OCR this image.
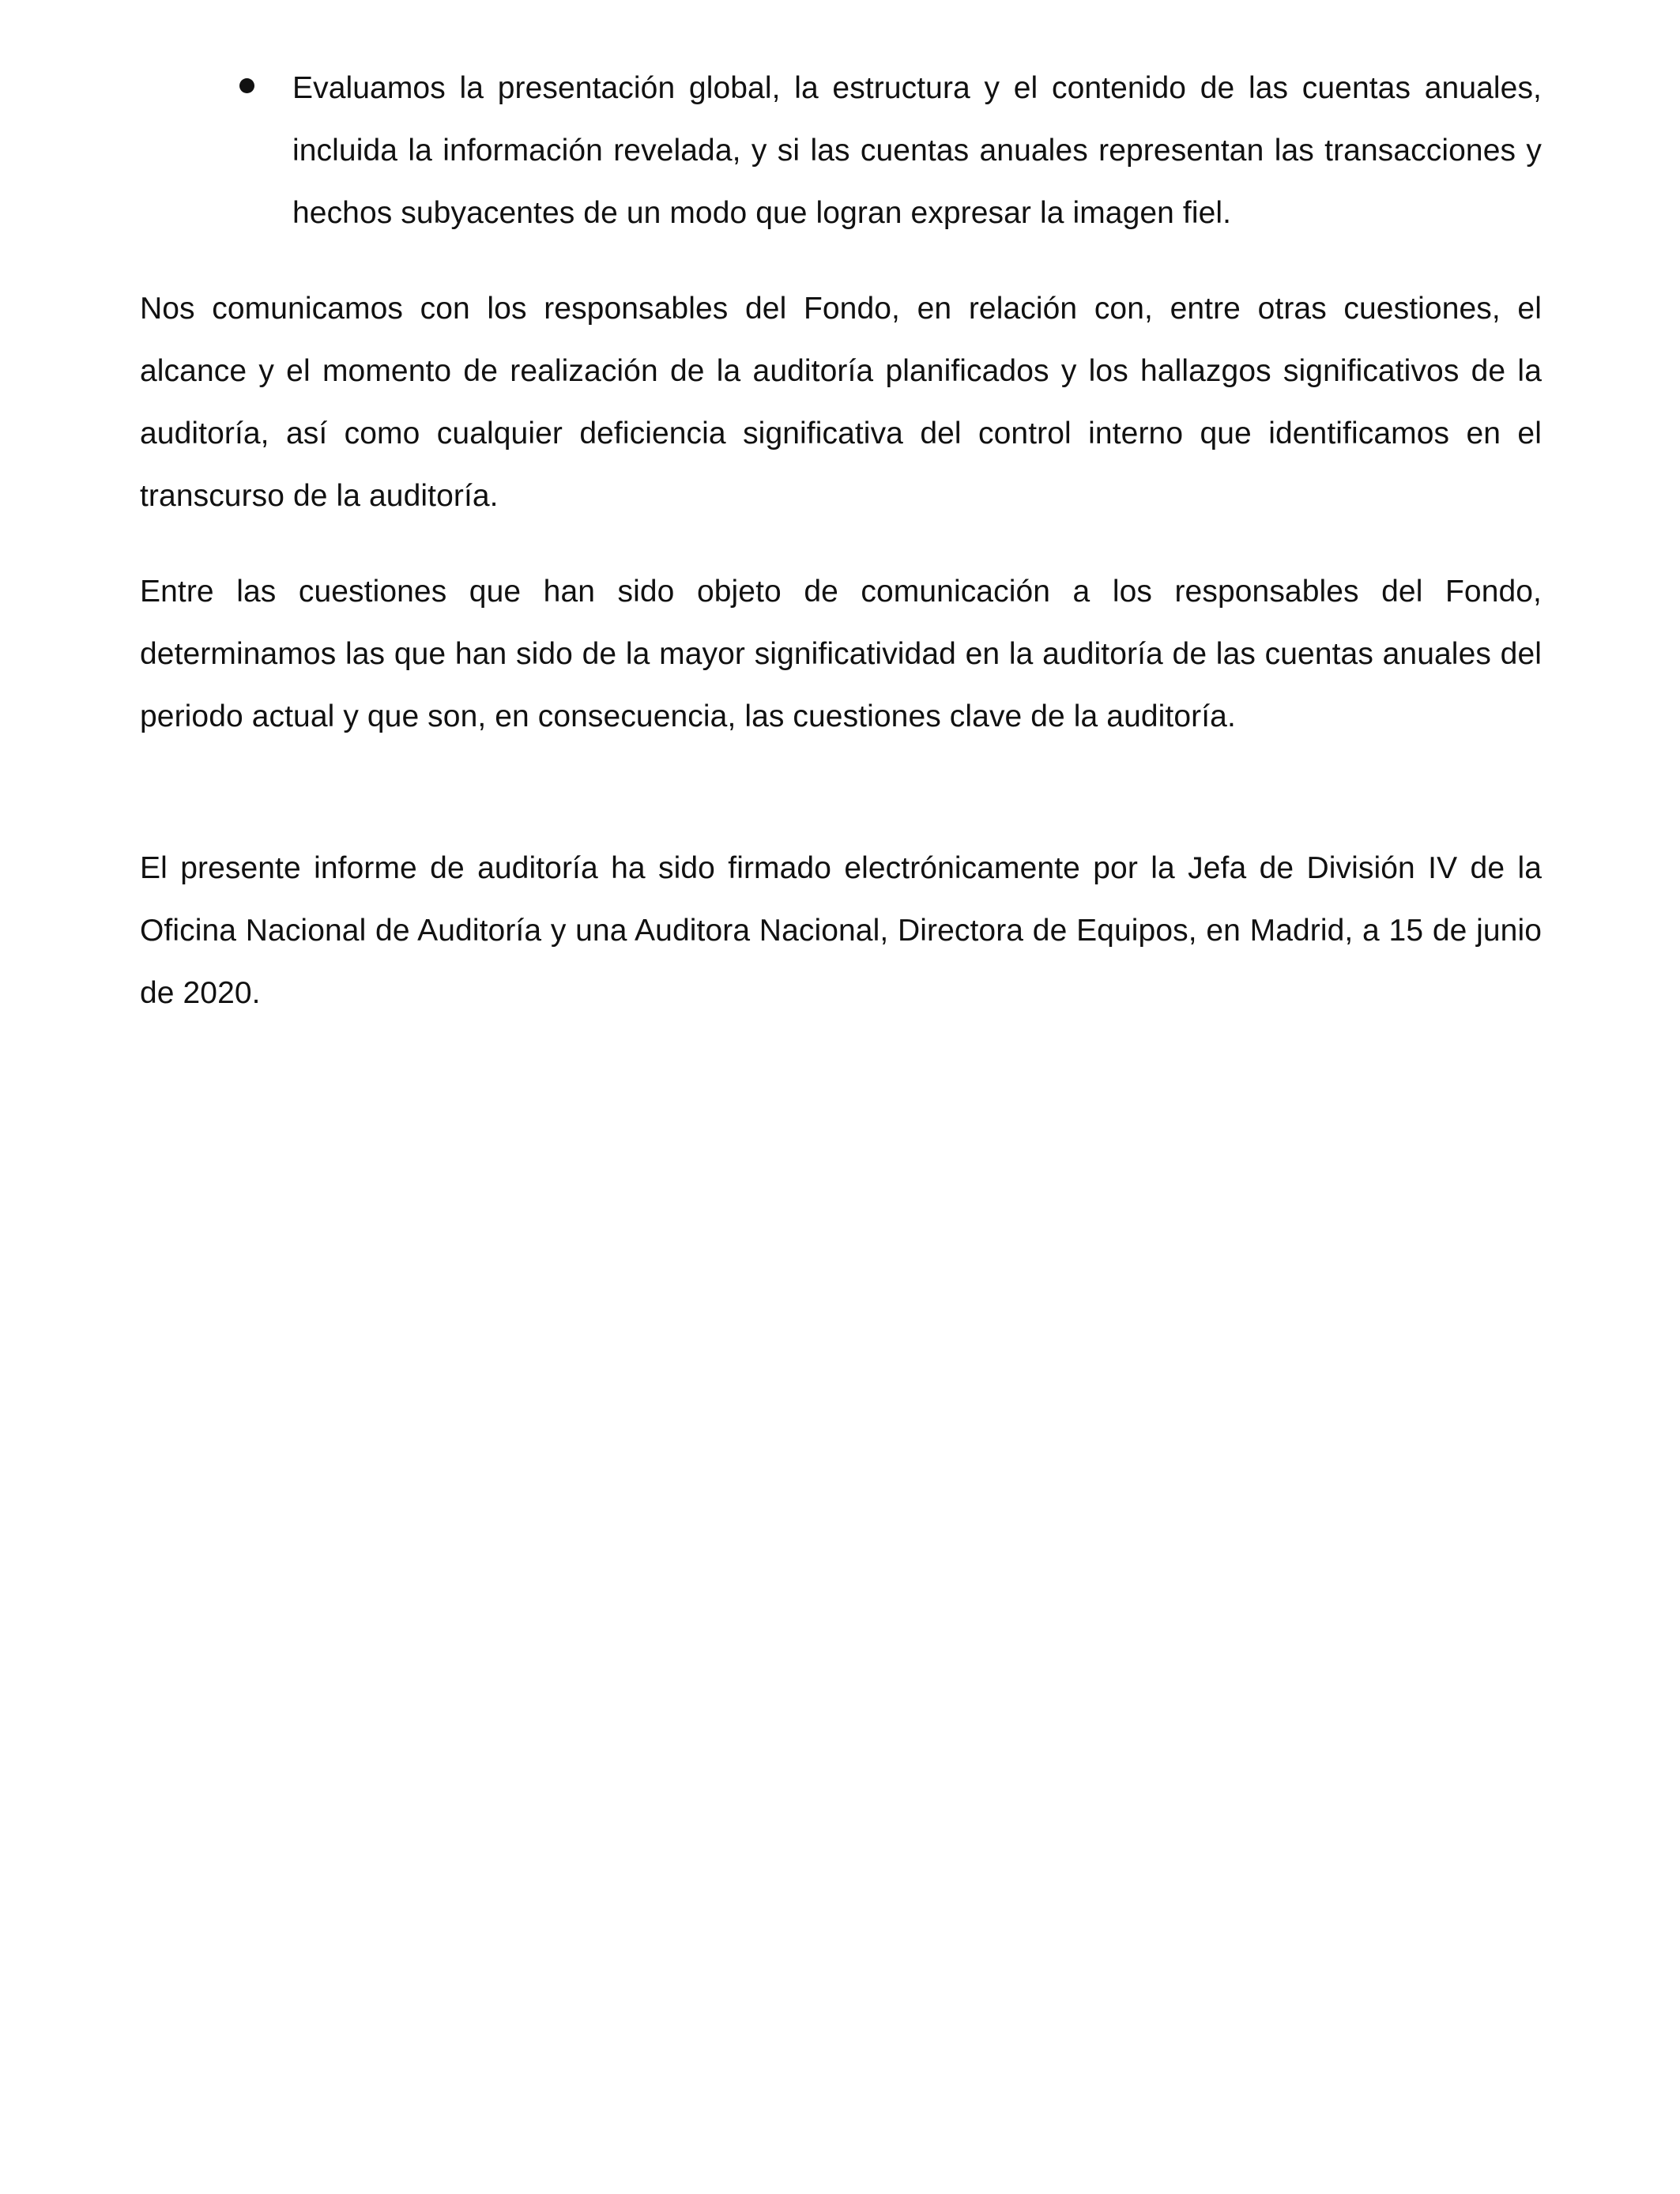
Evaluamos la presentación global, la estructura y el contenido de las cuentas anuales, incluida la información revelada, y si las cuentas anuales representan las transacciones y hechos subyacentes de un modo que logran expresar la imagen fiel.

Nos comunicamos con los responsables del Fondo, en relación con, entre otras cuestiones, el alcance y el momento de realización de la auditoría planificados y los hallazgos significativos de la auditoría, así como cualquier deficiencia significativa del control interno que identificamos en el transcurso de la auditoría.

Entre las cuestiones que han sido objeto de comunicación a los responsables del Fondo, determinamos las que han sido de la mayor significatividad en la auditoría de las cuentas anuales del periodo actual y que son, en consecuencia, las cuestiones clave de la auditoría.

El presente informe de auditoría ha sido firmado electrónicamente por la Jefa de División IV de la Oficina Nacional de Auditoría y una Auditora Nacional, Directora de Equipos, en Madrid, a 15 de junio de 2020.
